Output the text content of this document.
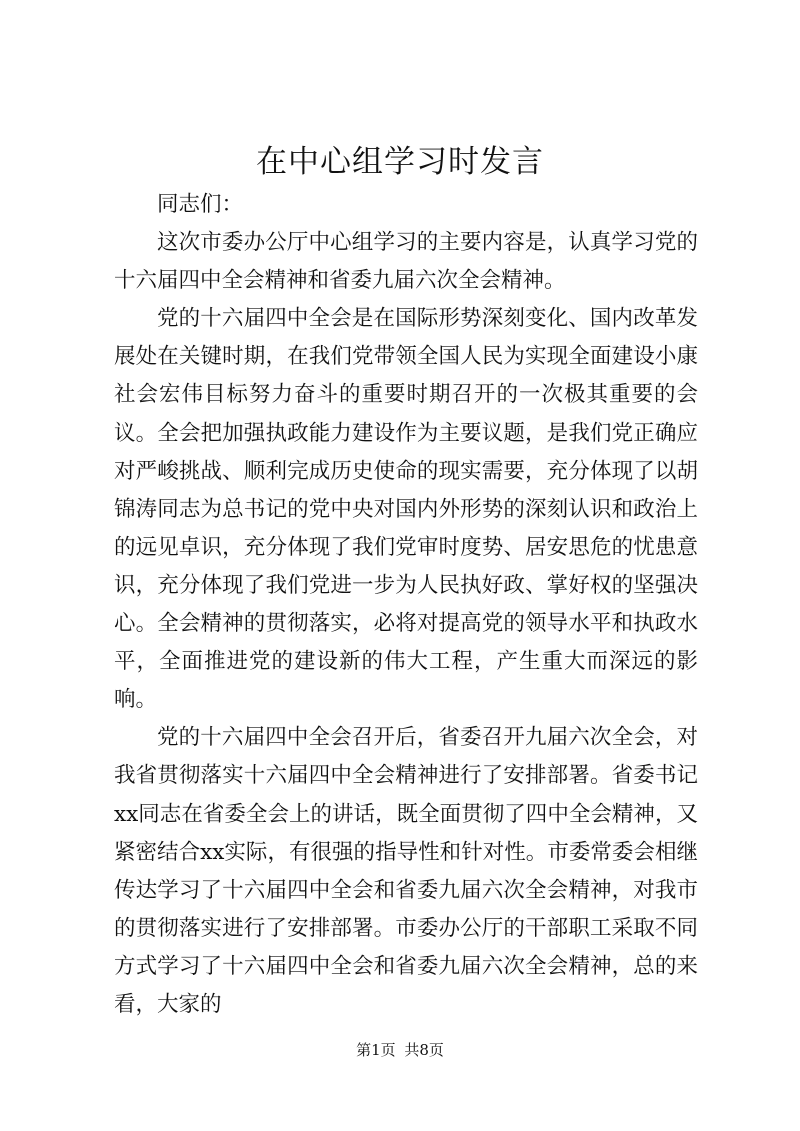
在中心组学习时发言

同志们：

这次市委办公厅中心组学习的主要内容是，认真学习党的十六届四中全会精神和省委九届六次全会精神。

党的十六届四中全会是在国际形势深刻变化、国内改革发展处在关键时期，在我们党带领全国人民为实现全面建设小康社会宏伟目标努力奋斗的重要时期召开的一次极其重要的会议。全会把加强执政能力建设作为主要议题，是我们党正确应对严峻挑战、顺利完成历史使命的现实需要，充分体现了以胡锦涛同志为总书记的党中央对国内外形势的深刻认识和政治上的远见卓识，充分体现了我们党审时度势、居安思危的忧患意识，充分体现了我们党进一步为人民执好政、掌好权的坚强决心。全会精神的贯彻落实，必将对提高党的领导水平和执政水平，全面推进党的建设新的伟大工程，产生重大而深远的影响。

党的十六届四中全会召开后，省委召开九届六次全会，对我省贯彻落实十六届四中全会精神进行了安排部署。省委书记xx同志在省委全会上的讲话，既全面贯彻了四中全会精神，又紧密结合xx实际，有很强的指导性和针对性。市委常委会相继传达学习了十六届四中全会和省委九届六次全会精神，对我市的贯彻落实进行了安排部署。市委办公厅的干部职工采取不同方式学习了十六届四中全会和省委九届六次全会精神，总的来看，大家的

第1页 共8页
